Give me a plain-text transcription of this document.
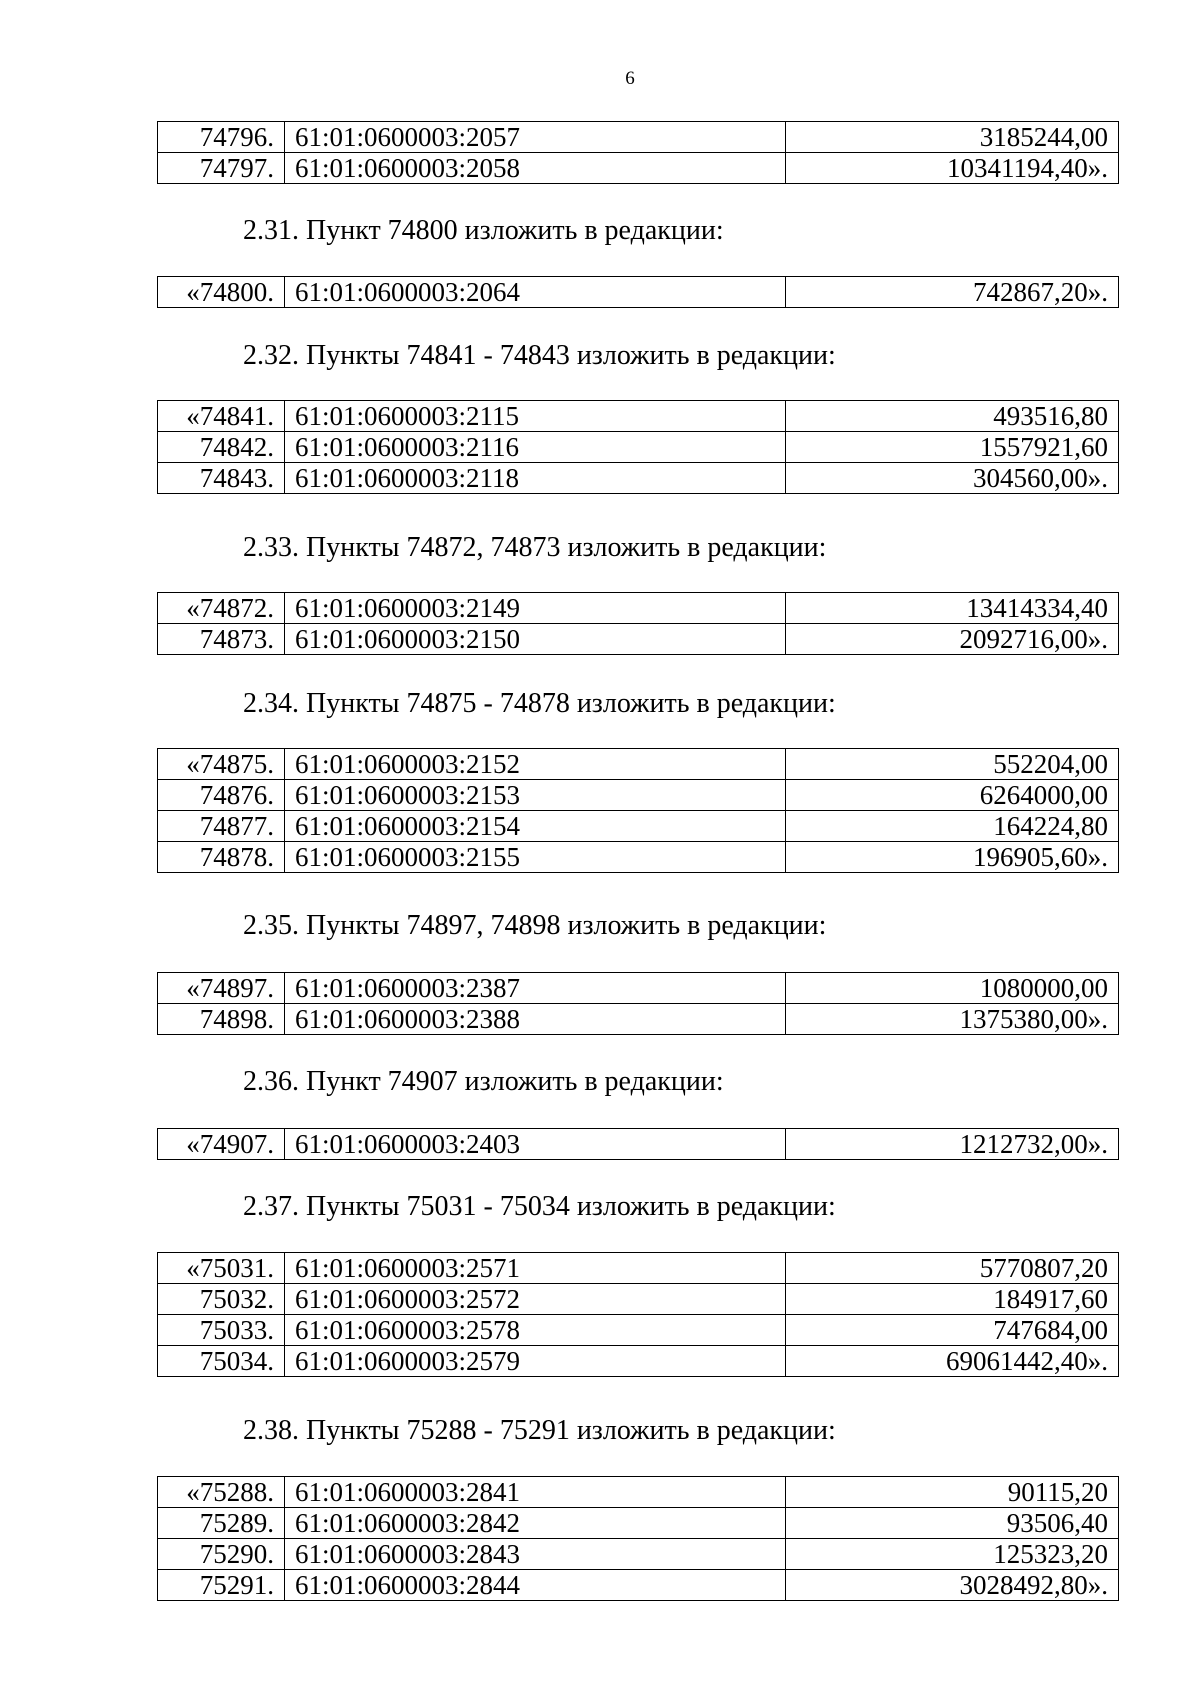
6
74796.	61:01:0600003:2057	3185244,00
74797.	61:01:0600003:2058	10341194,40».
2.31. Пункт 74800 изложить в редакции:
«74800.	61:01:0600003:2064	742867,20».
2.32. Пункты 74841 - 74843 изложить в редакции:
«74841.	61:01:0600003:2115	493516,80
74842.	61:01:0600003:2116	1557921,60
74843.	61:01:0600003:2118	304560,00».
2.33. Пункты 74872, 74873 изложить в редакции:
«74872.	61:01:0600003:2149	13414334,40
74873.	61:01:0600003:2150	2092716,00».
2.34. Пункты 74875 - 74878 изложить в редакции:
«74875.	61:01:0600003:2152	552204,00
74876.	61:01:0600003:2153	6264000,00
74877.	61:01:0600003:2154	164224,80
74878.	61:01:0600003:2155	196905,60».
2.35. Пункты 74897, 74898 изложить в редакции:
«74897.	61:01:0600003:2387	1080000,00
74898.	61:01:0600003:2388	1375380,00».
2.36. Пункт 74907 изложить в редакции:
«74907.	61:01:0600003:2403	1212732,00».
2.37. Пункты 75031 - 75034 изложить в редакции:
«75031.	61:01:0600003:2571	5770807,20
75032.	61:01:0600003:2572	184917,60
75033.	61:01:0600003:2578	747684,00
75034.	61:01:0600003:2579	69061442,40».
2.38. Пункты 75288 - 75291 изложить в редакции:
«75288.	61:01:0600003:2841	90115,20
75289.	61:01:0600003:2842	93506,40
75290.	61:01:0600003:2843	125323,20
75291.	61:01:0600003:2844	3028492,80».
